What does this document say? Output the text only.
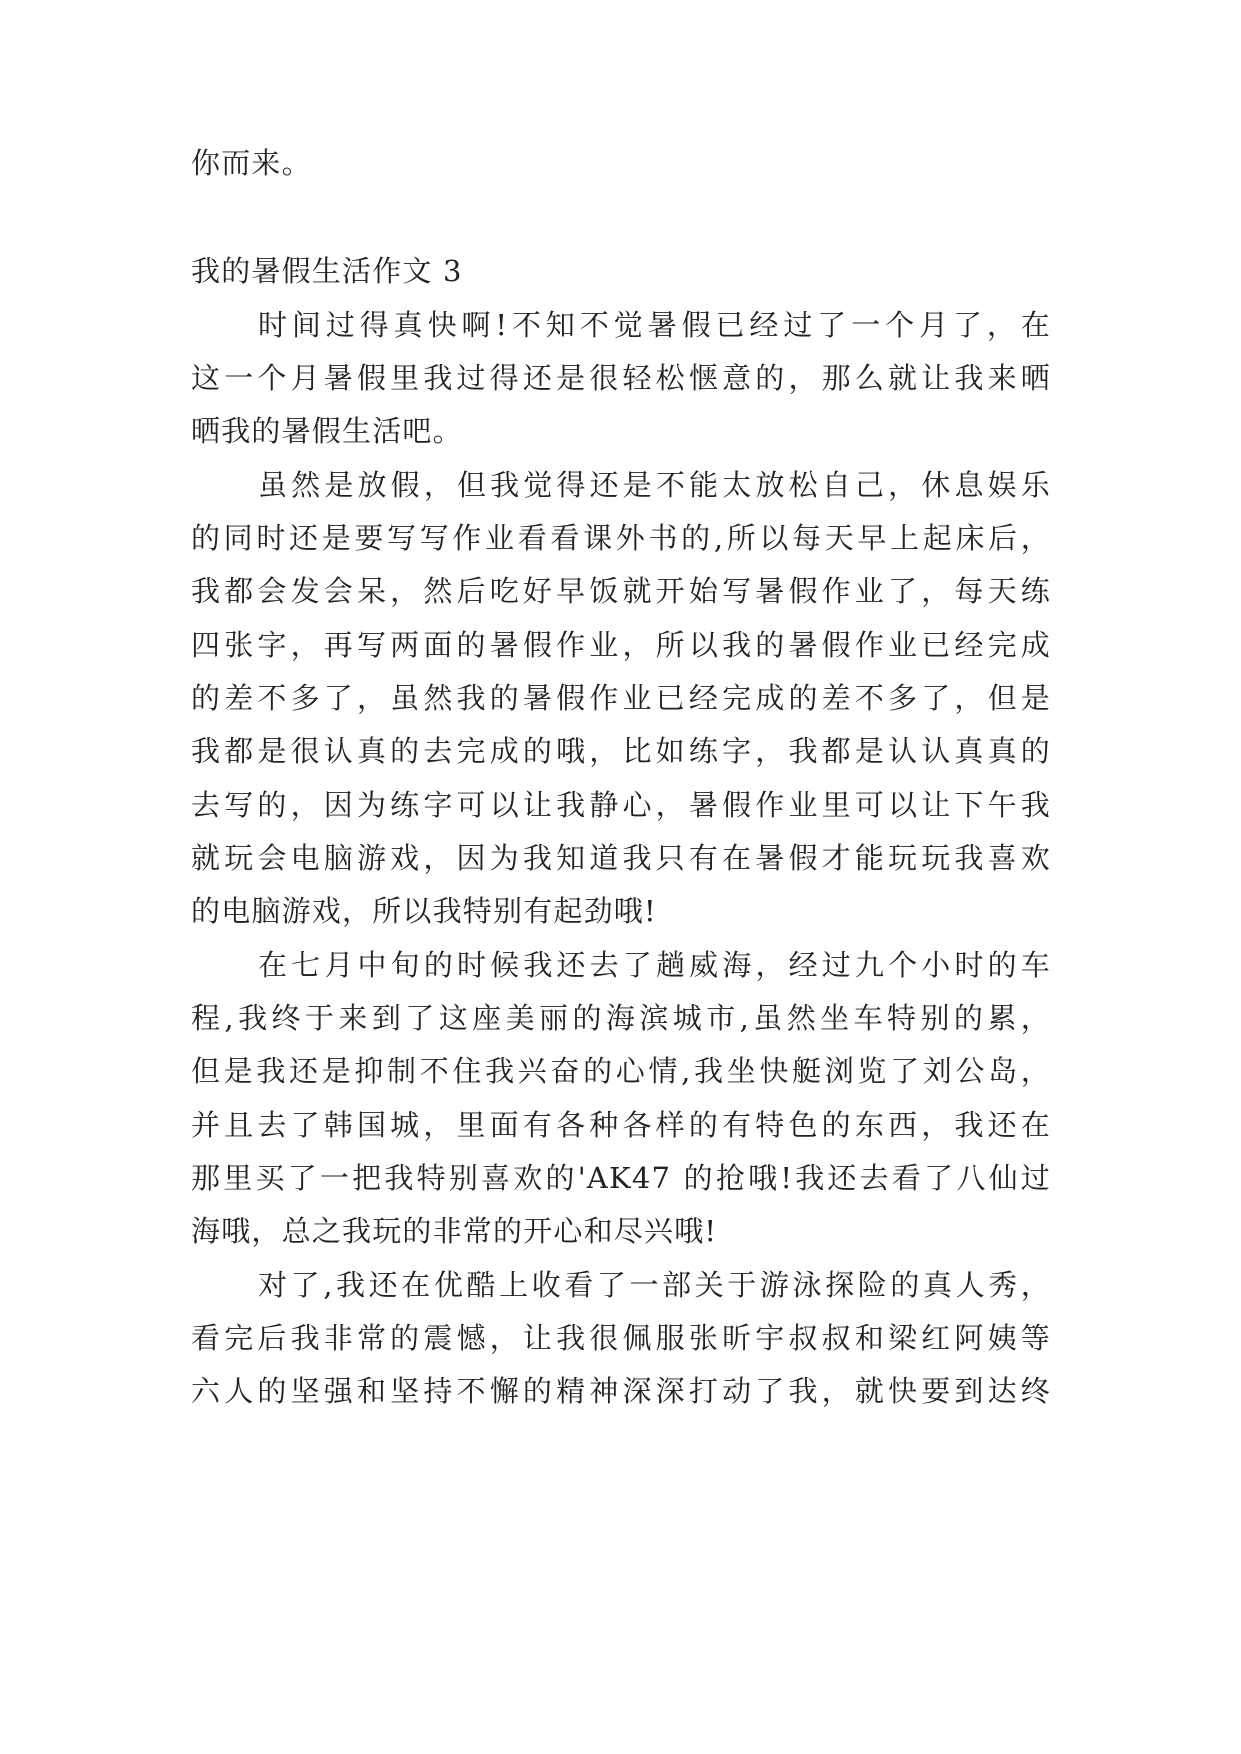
你而来。
我的暑假生活作文 3
时间过得真快啊!不知不觉暑假已经过了一个月了，在
这一个月暑假里我过得还是很轻松惬意的，那么就让我来晒
晒我的暑假生活吧。
虽然是放假，但我觉得还是不能太放松自己，休息娱乐
的同时还是要写写作业看看课外书的,所以每天早上起床后，
我都会发会呆，然后吃好早饭就开始写暑假作业了，每天练
四张字，再写两面的暑假作业，所以我的暑假作业已经完成
的差不多了，虽然我的暑假作业已经完成的差不多了，但是
我都是很认真的去完成的哦，比如练字，我都是认认真真的
去写的，因为练字可以让我静心，暑假作业里可以让下午我
就玩会电脑游戏，因为我知道我只有在暑假才能玩玩我喜欢
的电脑游戏，所以我特别有起劲哦!
在七月中旬的时候我还去了趟威海，经过九个小时的车
程,我终于来到了这座美丽的海滨城市,虽然坐车特别的累，
但是我还是抑制不住我兴奋的心情,我坐快艇浏览了刘公岛，
并且去了韩国城，里面有各种各样的有特色的东西，我还在
那里买了一把我特别喜欢的'AK47 的抢哦!我还去看了八仙过
海哦，总之我玩的非常的开心和尽兴哦!
对了,我还在优酷上收看了一部关于游泳探险的真人秀，
看完后我非常的震憾，让我很佩服张昕宇叔叔和梁红阿姨等
六人的坚强和坚持不懈的精神深深打动了我，就快要到达终
